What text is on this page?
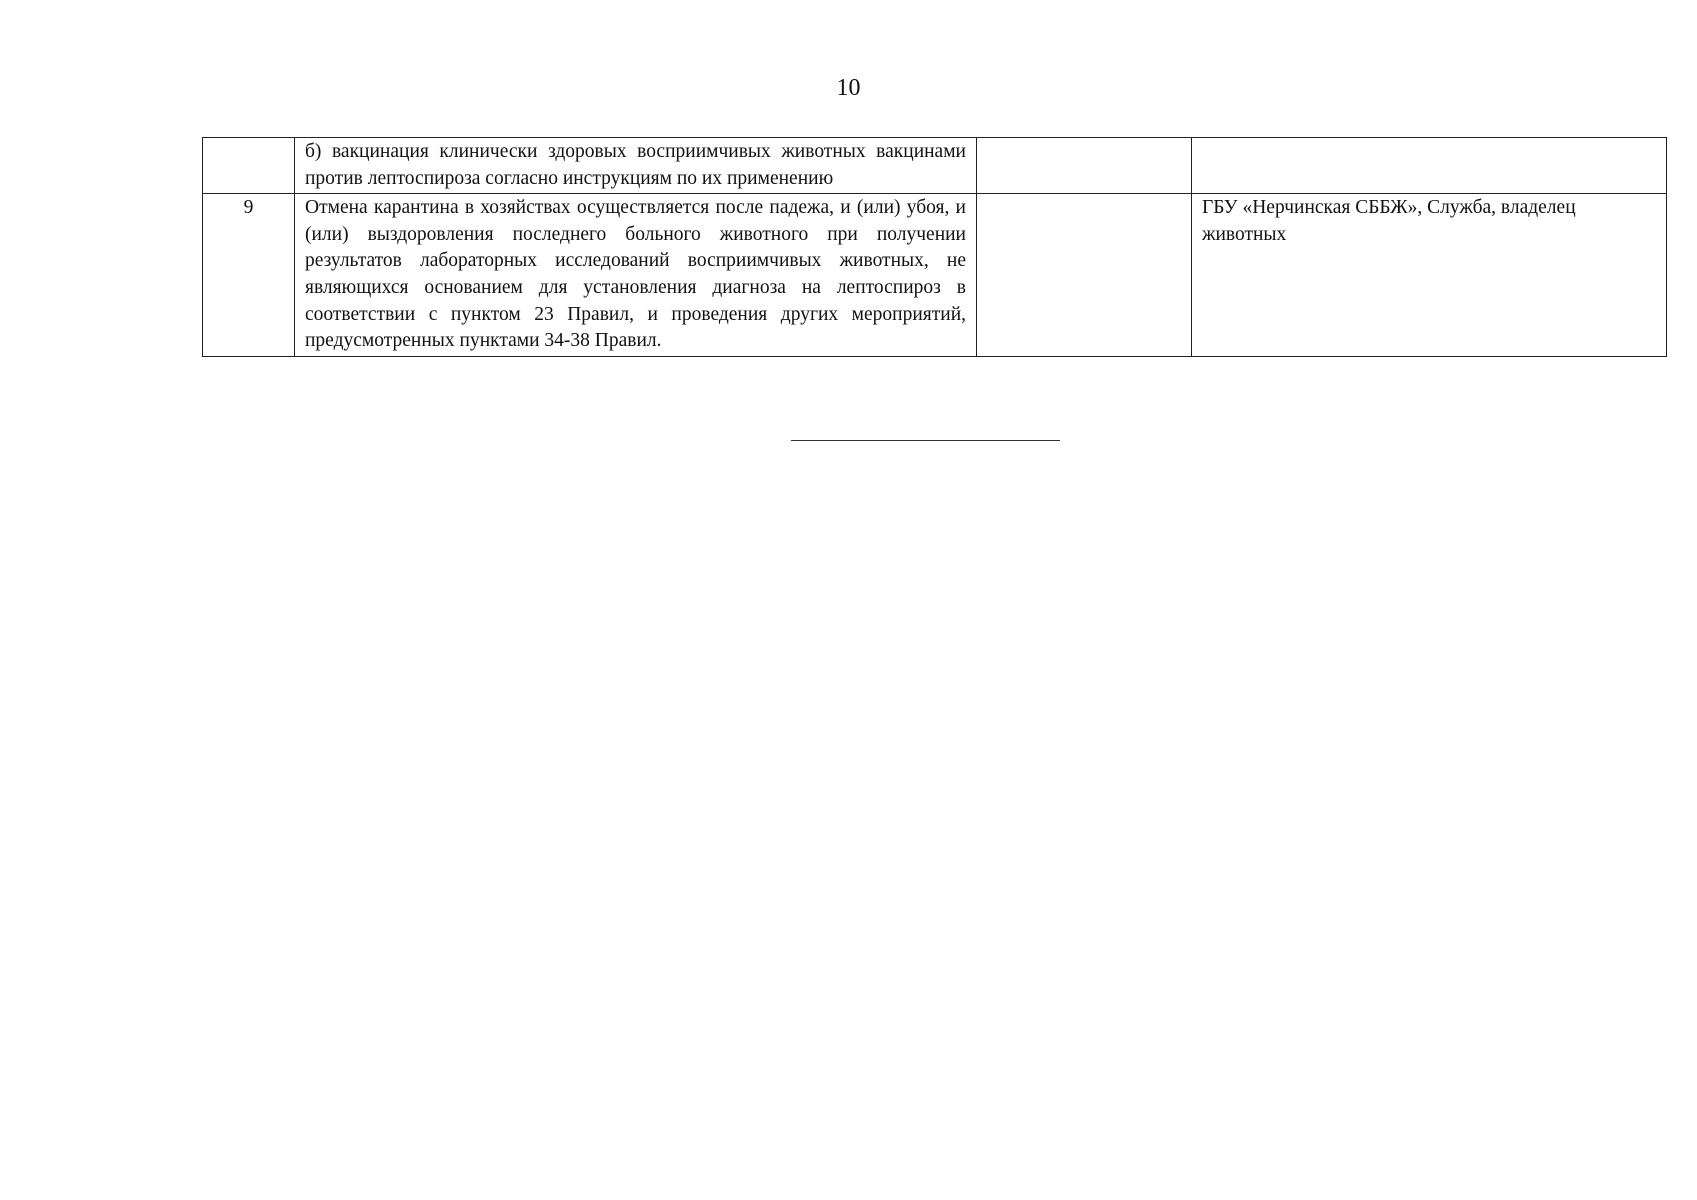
10
	б) вакцинация клинически здоровых восприимчивых животных вакцинами против лептоспироза согласно инструкциям по их применению		
9	Отмена карантина в хозяйствах осуществляется после падежа, и (или) убоя, и (или) выздоровления последнего больного животного при получении результатов лабораторных исследований восприимчивых животных, не являющихся основанием для установления диагноза на лептоспироз в соответствии с пунктом 23 Правил, и проведения других мероприятий, предусмотренных пунктами 34-38 Правил.		ГБУ «Нерчинская СББЖ», Служба, владелец животных
